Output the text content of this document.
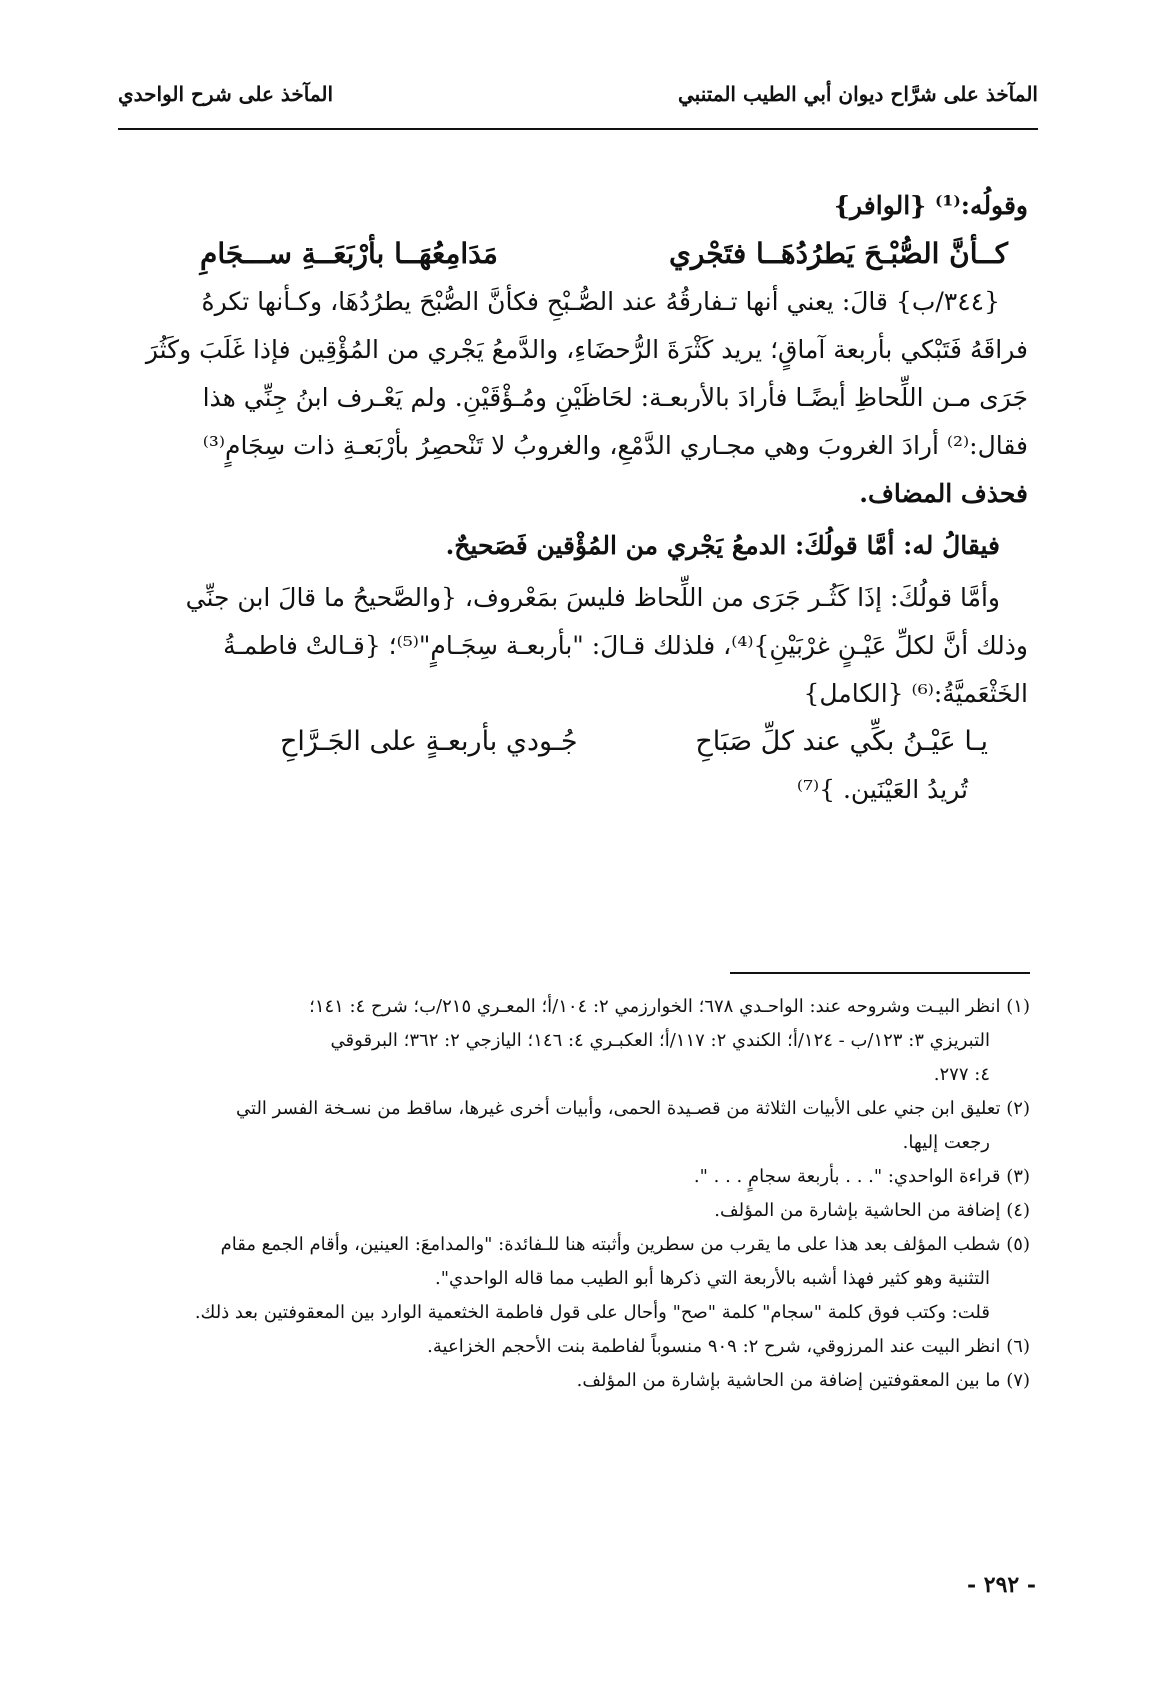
المآخذ على شرَّاح ديوان أبي الطيب المتنبي
المآخذ على شرح الواحدي
وقولُه:⁽¹⁾ {الوافر}
كــأنَّ الصُّبْـحَ يَطرُدُهَــا فتَجْري
مَدَامِعُهَــا بأرْبَعَــةِ ســـجَامِ
{٣٤٤/ب} قالَ: يعني أنها تـفارقُهُ عند الصُّـبْحِ فكأنَّ الصُّبْحَ يطرُدُهَا، وكـأنها تكرهُ
فراقَهُ فَتَبْكي بأربعة آماقٍ؛ يريد كَثْرَةَ الرُّحضَاءِ، والدَّمعُ يَجْري من المُؤْقِين فإذا غَلَبَ وكَثُرَ
جَرَى مـن اللِّحاظِ أيضًـا فأرادَ بالأربعـة: لحَاظَيْنِ ومُـؤْقَيْنِ. ولم يَعْـرف ابنُ جِنِّي هذا
فقال:⁽²⁾ أرادَ الغروبَ وهي مجـاري الدَّمْعِ، والغروبُ لا تَنْحصِرُ بأرْبَعـةِ ذات سِجَامٍ⁽³⁾
فحذف المضاف.
فيقالُ له: أمَّا قولُكَ: الدمعُ يَجْري من المُؤْقين فَصَحيحٌ.
وأمَّا قولُكَ: إذَا كَثُـر جَرَى من اللِّحاظ فليسَ بمَعْروف، {والصَّحيحُ ما قالَ ابن جنِّي
وذلك أنَّ لكلِّ عَيْـنٍ غرْبَيْنِ}⁽⁴⁾، فلذلك قـالَ: "بأربعـة سِجَـامٍ"⁽⁵⁾؛ {قـالتْ فاطمـةُ
الخَثْعَميَّةُ:⁽⁶⁾ {الكامل}
يـا عَيْـنُ بكِّي عند كلِّ صَبَاحِ
جُـودي بأربعـةٍ على الجَـرَّاحِ
تُريدُ العَيْنَين. }⁽⁷⁾
(١) انظر البيـت وشروحه عند: الواحـدي ٦٧٨؛ الخوارزمي ٢: ١٠٤/أ؛ المعـري ٢١٥/ب؛ شرح ٤: ١٤١؛
التبريزي ٣: ١٢٣/ب - ١٢٤/أ؛ الكندي ٢: ١١٧/أ؛ العكبـري ٤: ١٤٦؛ اليازجي ٢: ٣٦٢؛ البرقوقي
٤: ٢٧٧.
(٢) تعليق ابن جني على الأبيات الثلاثة من قصـيدة الحمى، وأبيات أخرى غيرها، ساقط من نسـخة الفسر التي
رجعت إليها.
(٣) قراءة الواحدي: ". . . بأربعة سجامٍ . . . ".
(٤) إضافة من الحاشية بإشارة من المؤلف.
(٥) شطب المؤلف بعد هذا على ما يقرب من سطرين وأثبته هنا للـفائدة: "والمدامعَ: العينين، وأقام الجمع مقام
التثنية وهو كثير فهذا أشبه بالأربعة التي ذكرها أبو الطيب مما قاله الواحدي".
قلت: وكتب فوق كلمة "سجام" كلمة "صح" وأحال على قول فاطمة الخثعمية الوارد بين المعقوفتين بعد ذلك.
(٦) انظر البيت عند المرزوقي، شرح ٢: ٩٠٩ منسوباً لفاطمة بنت الأحجم الخزاعية.
(٧) ما بين المعقوفتين إضافة من الحاشية بإشارة من المؤلف.
- ٢٩٢ -
